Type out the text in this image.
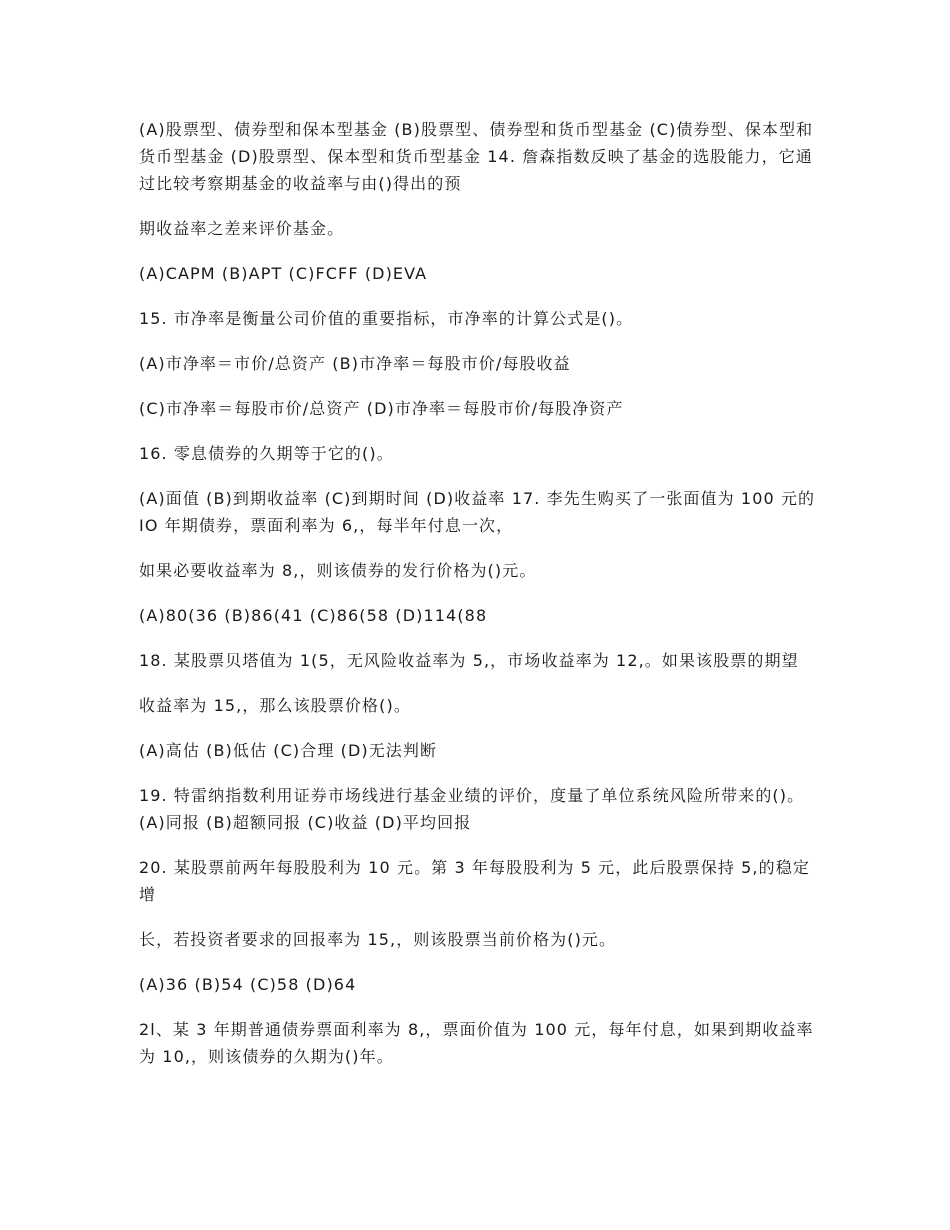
(A)股票型、债券型和保本型基金 (B)股票型、债券型和货币型基金 (C)债券型、保本型和货币型基金 (D)股票型、保本型和货币型基金 14. 詹森指数反映了基金的选股能力，它通过比较考察期基金的收益率与由()得出的预

期收益率之差来评价基金。

(A)CAPM (B)APT (C)FCFF (D)EVA

15. 市净率是衡量公司价值的重要指标，市净率的计算公式是()。

(A)市净率＝市价/总资产 (B)市净率＝每股市价/每股收益

(C)市净率＝每股市价/总资产 (D)市净率＝每股市价/每股净资产

16. 零息债券的久期等于它的()。

(A)面值 (B)到期收益率 (C)到期时间 (D)收益率 17. 李先生购买了一张面值为 100 元的 IO 年期债券，票面利率为 6,，每半年付息一次，

如果必要收益率为 8,，则该债券的发行价格为()元。

(A)80(36 (B)86(41 (C)86(58 (D)114(88

18. 某股票贝塔值为 1(5，无风险收益率为 5,，市场收益率为 12,。如果该股票的期望

收益率为 15,，那么该股票价格()。

(A)高估 (B)低估 (C)合理 (D)无法判断

19. 特雷纳指数利用证券市场线进行基金业绩的评价，度量了单位系统风险所带来的()。 (A)同报 (B)超额同报 (C)收益 (D)平均回报

20. 某股票前两年每股股利为 10 元。第 3 年每股股利为 5 元，此后股票保持 5,的稳定增

长，若投资者要求的回报率为 15,，则该股票当前价格为()元。

(A)36 (B)54 (C)58 (D)64

2l、某 3 年期普通债券票面利率为 8,，票面价值为 100 元，每年付息，如果到期收益率为 10,，则该债券的久期为()年。
